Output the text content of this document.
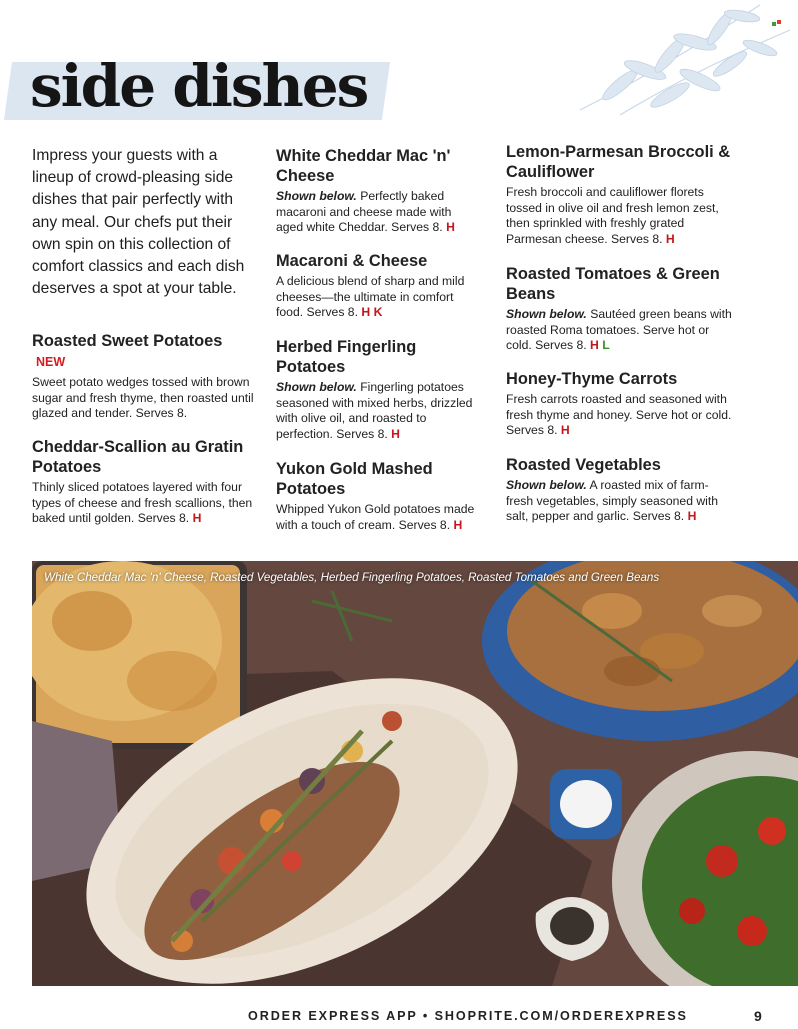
side dishes

Impress your guests with a lineup of crowd-pleasing side dishes that pair perfectly with any meal. Our chefs put their own spin on this collection of comfort classics and each dish deserves a spot at your table.

Roasted Sweet Potatoes NEW

Sweet potato wedges tossed with brown sugar and fresh thyme, then roasted until glazed and tender. Serves 8.

Cheddar-Scallion au Gratin Potatoes

Thinly sliced potatoes layered with four types of cheese and fresh scallions, then baked until golden. Serves 8. H

White Cheddar Mac 'n' Cheese

Shown below. Perfectly baked macaroni and cheese made with aged white Cheddar. Serves 8. H

Macaroni & Cheese

A delicious blend of sharp and mild cheeses—the ultimate in comfort food. Serves 8. H K

Herbed Fingerling Potatoes

Shown below. Fingerling potatoes seasoned with mixed herbs, drizzled with olive oil, and roasted to perfection. Serves 8. H

Yukon Gold Mashed Potatoes

Whipped Yukon Gold potatoes made with a touch of cream. Serves 8. H

Lemon-Parmesan Broccoli & Cauliflower

Fresh broccoli and cauliflower florets tossed in olive oil and fresh lemon zest, then sprinkled with freshly grated Parmesan cheese. Serves 8. H

Roasted Tomatoes & Green Beans

Shown below. Sautéed green beans with roasted Roma tomatoes. Serve hot or cold. Serves 8. H L

Honey-Thyme Carrots

Fresh carrots roasted and seasoned with fresh thyme and honey. Serve hot or cold. Serves 8. H

Roasted Vegetables

Shown below. A roasted mix of farm-fresh vegetables, simply seasoned with salt, pepper and garlic. Serves 8. H

White Cheddar Mac 'n' Cheese, Roasted Vegetables, Herbed Fingerling Potatoes, Roasted Tomatoes and Green Beans
ORDER EXPRESS APP • SHOPRITE.COM/ORDEREXPRESS	9
